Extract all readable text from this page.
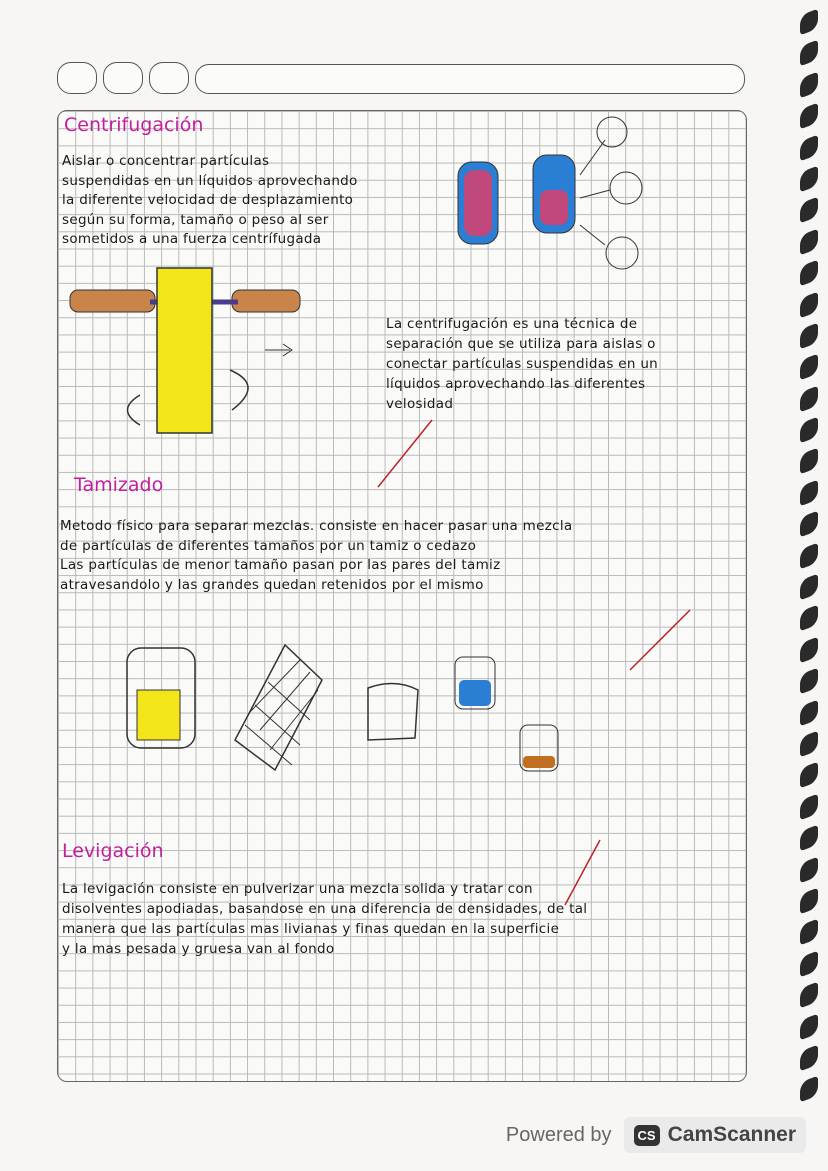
Centrifugación
Aislar o concentrar partículas
suspendidas en un líquidos aprovechando
la diferente velocidad de desplazamiento
según su forma, tamaño o peso al ser
sometidos a una fuerza centrífugada
La centrifugación es una técnica de
separación que se utiliza para aislas o
conectar partículas suspendidas en un
líquidos aprovechando las diferentes
velosidad
Tamizado
Metodo físico para separar mezclas. consiste en hacer pasar una mezcla
de partículas de diferentes tamaños por un tamiz o cedazo
Las partículas de menor tamaño pasan por las pares del tamiz
atravesandolo y las grandes quedan retenidos por el mismo
Levigación
La levigación consiste en pulverizar una mezcla solida y tratar con
disolventes apodiadas, basandose en una diferencia de densidades, de tal
manera que las partículas mas livianas y finas quedan en la superficie
y la mas pesada y gruesa van al fondo
Powered by	CS CamScanner
